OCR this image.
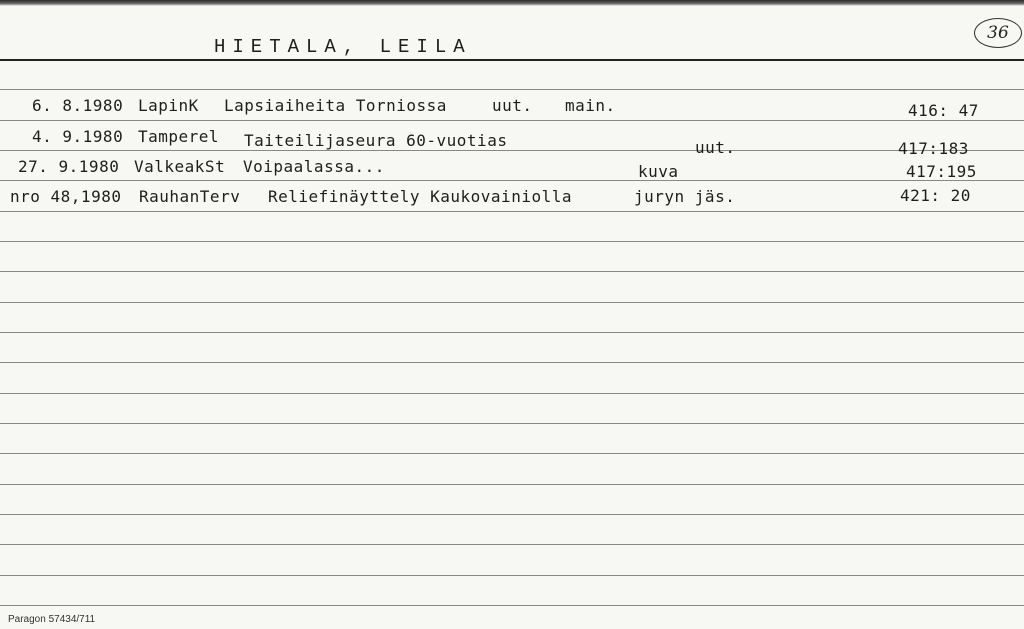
HIETALA, LEILA
36
6. 8.1980 LapinK Lapsiaiheita Torniossa	uut. main.	416: 47
4. 9.1980 Tamperel Taiteilijaseura 60-vuotias	uut.	417:183
27. 9.1980 ValkeakSt Voipaalassa...	kuva	417:195
nro 48,1980 RauhanTerv Reliefinäyttely Kaukovainiolla	juryn jäs.	421: 20
Paragon 57434/711
